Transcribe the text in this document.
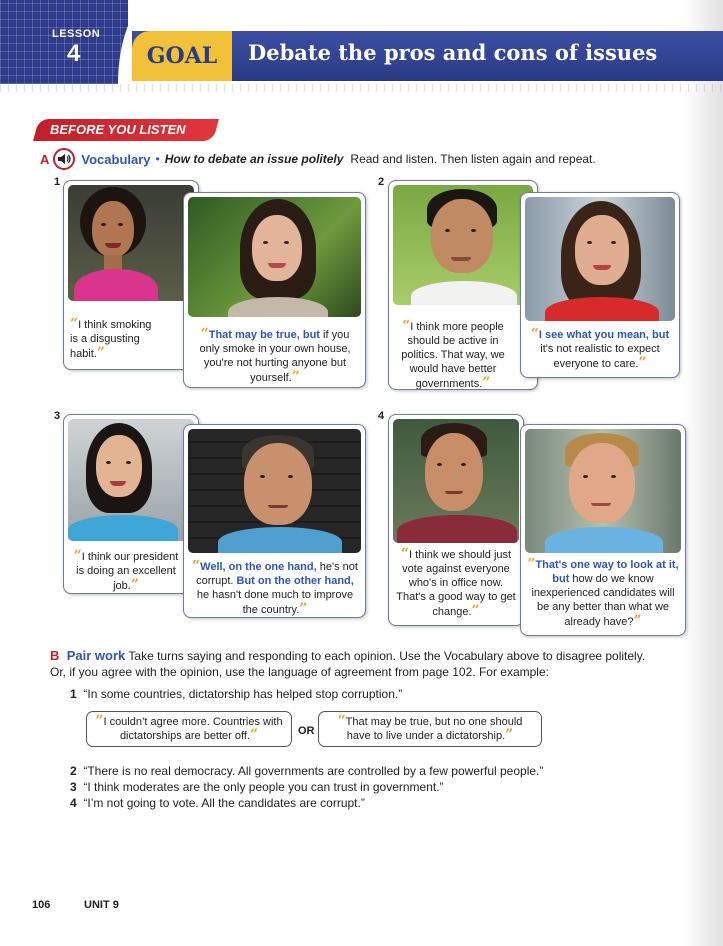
LESSON
4	GOAL Debate the pros and cons of issues
BEFORE YOU LISTEN
A Vocabulary • How to debate an issue politely Read and listen. Then listen again and repeat.
1	2
3	4
“I think smoking is a disgusting habit.”
“That may be true, but if you only smoke in your own house, you're not hurting anyone but yourself.”
“I think more people should be active in politics. That way, we would have better governments.”
“I see what you mean, but it's not realistic to expect everyone to care.”
“I think our president is doing an excellent job.”
“Well, on the one hand, he's not corrupt. But on the other hand, he hasn't done much to improve the country.”
“I think we should just vote against everyone who's in office now. That's a good way to get change.”
“That's one way to look at it, but how do we know inexperienced candidates will be any better than what we already have?”
B Pair work Take turns saying and responding to each opinion. Use the Vocabulary above to disagree politely. Or, if you agree with the opinion, use the language of agreement from page 102. For example:
1 “In some countries, dictatorship has helped stop corruption.”
“I couldn’t agree more. Countries with dictatorships are better off.”	OR
“That may be true, but no one should have to live under a dictatorship.”
2 “There is no real democracy. All governments are controlled by a few powerful people.”
3 “I think moderates are the only people you can trust in government.”
4 “I’m not going to vote. All the candidates are corrupt.”
106	UNIT 9
